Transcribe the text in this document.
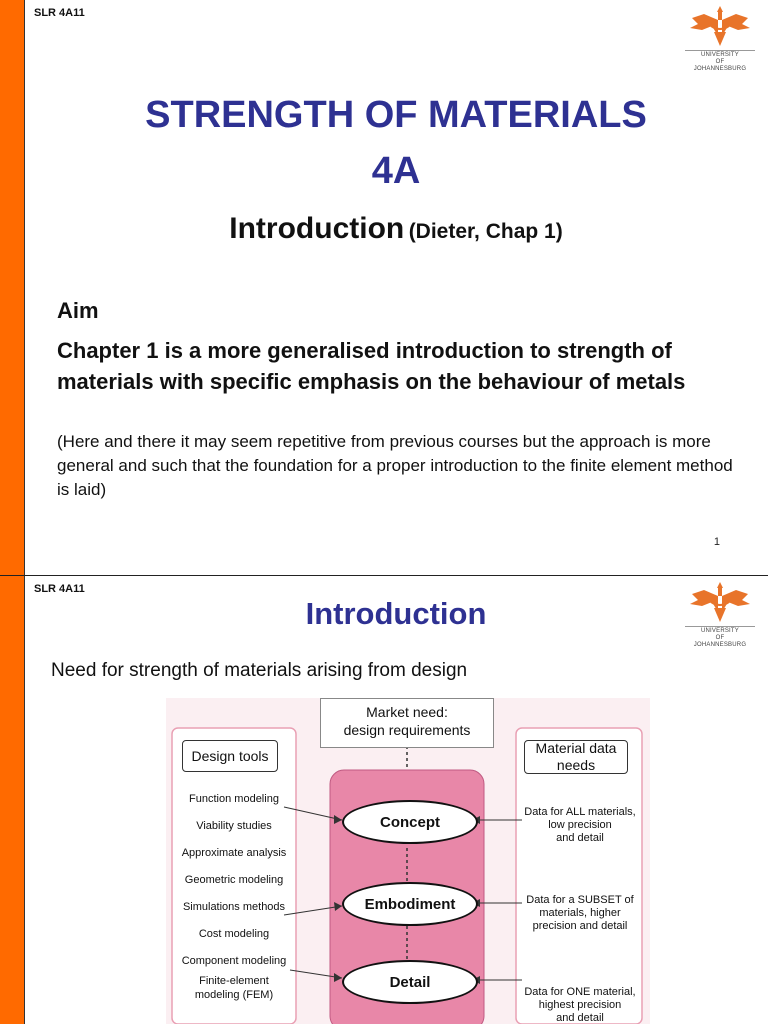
SLR 4A11
UNIVERSITY
OF
JOHANNESBURG
STRENGTH OF MATERIALS
4A
Introduction (Dieter, Chap 1)
Aim
Chapter 1 is a more generalised introduction to strength of materials with specific emphasis on the behaviour of metals
(Here and there it may seem repetitive from previous courses but the approach is more general and such that the foundation for a proper introduction to the finite element method is laid)
1
SLR 4A11
UNIVERSITY
OF
JOHANNESBURG
Introduction
Need for strength of materials arising from design
Market need:
design requirements
Design tools
Function modeling
Viability studies
Approximate analysis
Geometric modeling
Simulations methods
Cost modeling
Component modeling
Finite-element
modeling (FEM)
Material data
needs
Concept
Embodiment
Detail
Data for ALL materials,
low precision
and detail
Data for a SUBSET of
materials, higher
precision and detail
Data for ONE material,
highest precision
and detail
